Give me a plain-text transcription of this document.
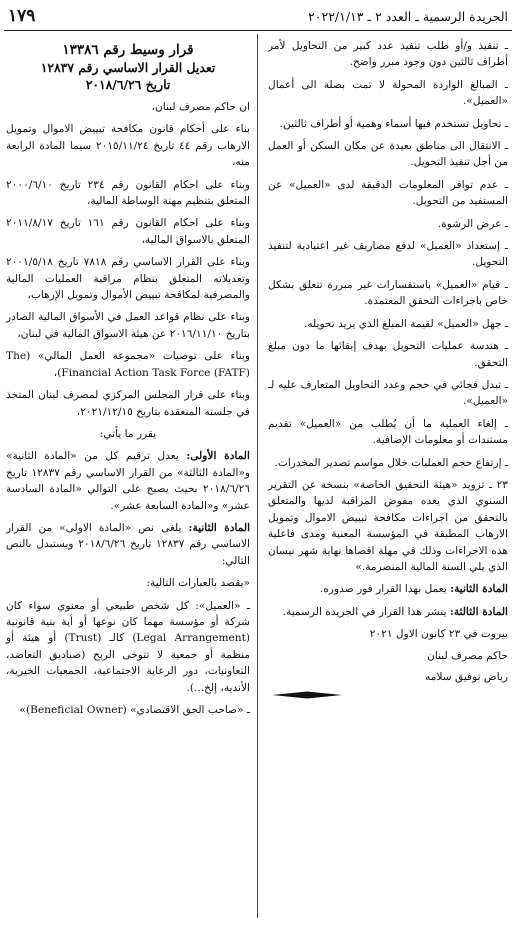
الجريدة الرسمية ـ العدد ٢ ـ ٢٠٢٢/١/١٣
١٧٩
ـ تنفيذ و/أو طلب تنفيذ عدد كبير من التحاويل لأمر أطراف ثالثين دون وجود مبرر واضح.
ـ المبالغ الواردة المحولة لا تمت بصلة الى أعمال «العميل».
ـ تحاويل تستخدم فيها أسماء وهمية أو أطراف ثالثين.
ـ الانتقال الى مناطق بعيدة عن مكان السكن أو العمل من أجل تنفيذ التحويل.
ـ عدم توافر المعلومات الدقيقة لدى «العميل» عن المستفيد من التحويل.
ـ عرض الرشوة.
ـ إستعداد «العميل» لدفع مصاريف غير اعتيادية لتنفيذ التحويل.
ـ قيام «العميل» باستفسارات غير مبررة تتعلق بشكل خاص باجراءات التحقق المعتمدة.
ـ جهل «العميل» لقيمة المبلغ الذي يريد تحويله.
ـ هندسة عمليات التحويل بهدف إبقائها ما دون مبلغ التحقق.
ـ تبدل فجائي في حجم وعدد التحاويل المتعارف عليه لـ «العميل».
ـ إلغاء العملية ما أن يُطلب من «العميل» تقديم مستندات أو معلومات الإضافية.
ـ إرتفاع حجم العمليات خلال مواسم تصدير المخدرات.

٢٣ ـ تزويد «هيئة التحقيق الخاصة» بنسخة عن التقرير السنوي الذي يعده مفوض المراقبة لديها والمتعلق بالتحقق من اجراءات مكافحة تبييض الاموال وتمويل الارهاب المطبقة في المؤسسة المعنية ومدى فاعلية هذه الاجراءات وذلك في مهلة اقصاها نهاية شهر نيسان الذي يلي السنة المالية المنصرمة.»

المادة الثانية: يعمل بهذا القرار فور صدوره.

المادة الثالثة: ينشر هذا القرار في الجريدة الرسمية.

بيروت في ٢٣ كانون الاول ٢٠٢١
حاكم مصرف لبنان
رياض توفيق سلامه
قرار وسيط رقم ١٣٣٨٦
تعديل القرار الاساسي رقم ١٢٨٣٧
تاريخ ٢٠١٨/٦/٢٦

ان حاكم مصرف لبنان،

بناء على أحكام قانون مكافحة تبييض الاموال وتمويل الارهاب رقم ٤٤ تاريخ ٢٠١٥/١١/٢٤ سيما المادة الرابعة منه،

وبناء على احكام القانون رقم ٢٣٤ تاريخ ٢٠٠٠/٦/١٠ المتعلق بتنظيم مهنة الوساطة المالية،

وبناء على احكام القانون رقم ١٦١ تاريخ ٢٠١١/٨/١٧ المتعلق بالاسواق المالية،

وبناء على القرار الاساسي رقم ٧٨١٨ تاريخ ٢٠٠١/٥/١٨ وتعديلاته المتعلق بنظام مراقبة العمليات المالية والمصرفية لمكافحة تبييض الأموال وتمويل الإرهاب،

وبناء على نظام قواعد العمل في الأسواق المالية الصادر بتاريخ ٢٠١٦/١١/١٠ عن هيئة الاسواق المالية في لبنان،

وبناء على توصيات «مجموعة العمل المالي» (The Financial Action Task Force (FATF))،

وبناء على قرار المجلس المركزي لمصرف لبنان المتخذ في جلسته المنعقدة بتاريخ ٢٠٢١/١٢/١٥،

يقرر ما يأتي:

المادة الأولى: يعدل ترقيم كل من «المادة الثانية» و«المادة الثالثة» من القرار الاساسي رقم ١٢٨٣٧ تاريخ ٢٠١٨/٦/٢٦ بحيث يصبح على التوالي «المادة السادسة عشر» و«المادة السابعة عشر».

المادة الثانية: يلغى نص «المادة الاولى» من القرار الاساسي رقم ١٢٨٣٧ تاريخ ٢٠١٨/٦/٢٦ ويستبدل بالنص التالي:

«يقصد بالعبارات التالية:

ـ «العميل»: كل شخص طبيعي أو معنوي سواء كان شركة أو مؤسسة مهما كان نوعها أو أية بنية قانونية (Legal Arrangement) كالـ (Trust) أو هيئة أو منظمة أو جمعية لا تتوخى الربح (صناديق التعاضد، التعاونيات، دور الرعاية الاجتماعية، الجمعيات الخيرية، الأندية، إلخ...).

ـ «صاحب الحق الاقتصادي» (Beneficial Owner)»
